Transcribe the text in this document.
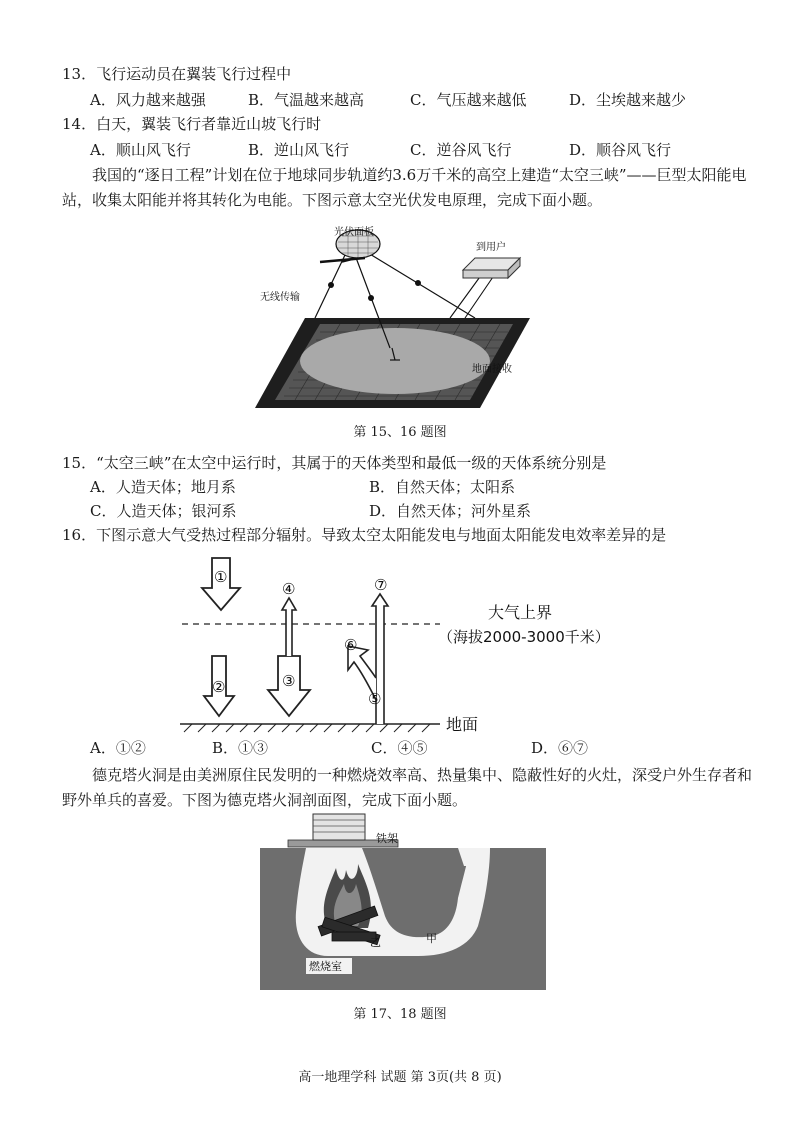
13．飞行运动员在翼装飞行过程中
A．风力越来越强	B．气温越来越高	C．气压越来越低	D．尘埃越来越少
14．白天，翼装飞行者靠近山坡飞行时
A．顺山风飞行	B．逆山风飞行	C．逆谷风飞行	D．顺谷风飞行
我国的“逐日工程”计划在位于地球同步轨道约3.6万千米的高空上建造“太空三峡”——巨型太阳能电站，收集太阳能并将其转化为电能。下图示意太空光伏发电原理，完成下面小题。
光伏面板
到用户
无线传输
地面接收
第 15、16 题图
15．“太空三峡”在太空中运行时，其属于的天体类型和最低一级的天体系统分别是
A．人造天体；地月系	B．自然天体；太阳系
C．人造天体；银河系	D．自然天体；河外星系
16．下图示意大气受热过程部分辐射。导致太空太阳能发电与地面太阳能发电效率差异的是
①
②	③
④
⑤
⑥
⑦
大气上界
（海拔2000-3000千米）
地面
A．①②	B．①③	C．④⑤	D．⑥⑦
德克塔火洞是由美洲原住民发明的一种燃烧效率高、热量集中、隐蔽性好的火灶，深受户外生存者和野外单兵的喜爱。下图为德克塔火洞剖面图，完成下面小题。
铁架
乙	甲
燃烧室
第 17、18 题图
高一地理学科 试题 第 3页(共 8 页)
